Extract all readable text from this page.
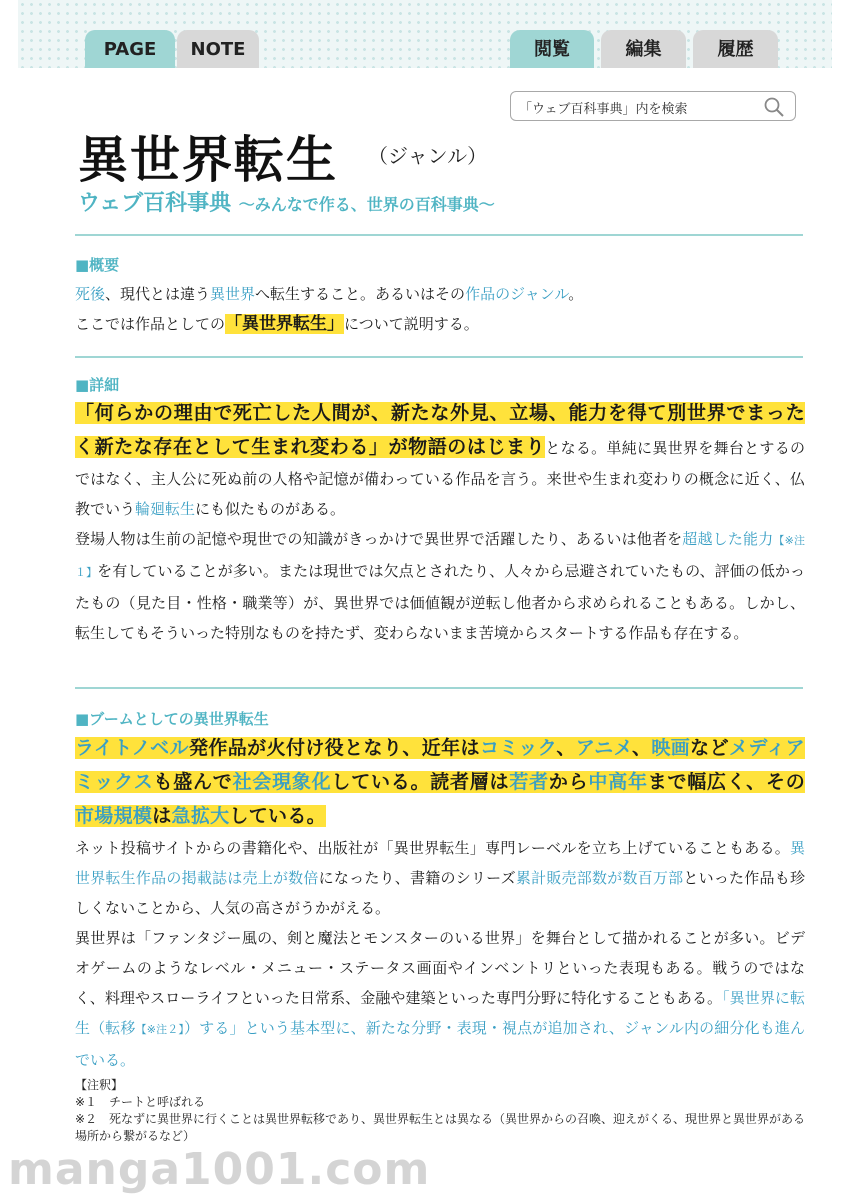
PAGE	NOTE	閲覧	編集	履歴
「ウェブ百科事典」内を検索
異世界転生 （ジャンル）
ウェブ百科事典 〜みんなで作る、世界の百科事典〜
■概要

死後、現代とは違う異世界へ転生すること。あるいはその作品のジャンル。

ここでは作品としての「異世界転生」について説明する。

■詳細

「何らかの理由で死亡した人間が、新たな外見、立場、能力を得て別世界でまったく新たな存在として生まれ変わる」が物語のはじまりとなる。単純に異世界を舞台とするのではなく、主人公に死ぬ前の人格や記憶が備わっている作品を言う。来世や生まれ変わりの概念に近く、仏教でいう輪廻転生にも似たものがある。

登場人物は生前の記憶や現世での知識がきっかけで異世界で活躍したり、あるいは他者を超越した能力【※注１】を有していることが多い。または現世では欠点とされたり、人々から忌避されていたもの、評価の低かったもの（見た目・性格・職業等）が、異世界では価値観が逆転し他者から求められることもある。しかし、転生してもそういった特別なものを持たず、変わらないまま苦境からスタートする作品も存在する。

■ブームとしての異世界転生

ライトノベル発作品が火付け役となり、近年はコミック、アニメ、映画などメディアミックスも盛んで社会現象化している。読者層は若者から中高年まで幅広く、その市場規模は急拡大している。

ネット投稿サイトからの書籍化や、出版社が「異世界転生」専門レーベルを立ち上げていることもある。異世界転生作品の掲載誌は売上が数倍になったり、書籍のシリーズ累計販売部数が数百万部といった作品も珍しくないことから、人気の高さがうかがえる。

異世界は「ファンタジー風の、剣と魔法とモンスターのいる世界」を舞台として描かれることが多い。ビデオゲームのようなレベル・メニュー・ステータス画面やインベントリといった表現もある。戦うのではなく、料理やスローライフといった日常系、金融や建築といった専門分野に特化することもある。「異世界に転生（転移【※注２】）する」という基本型に、新たな分野・表現・視点が追加され、ジャンル内の細分化も進んでいる。

【注釈】
※１　チートと呼ばれる
※２　死なずに異世界に行くことは異世界転移であり、異世界転生とは異なる（異世界からの召喚、迎えがくる、現世界と異世界がある場所から繋がるなど）
manga1001.com
